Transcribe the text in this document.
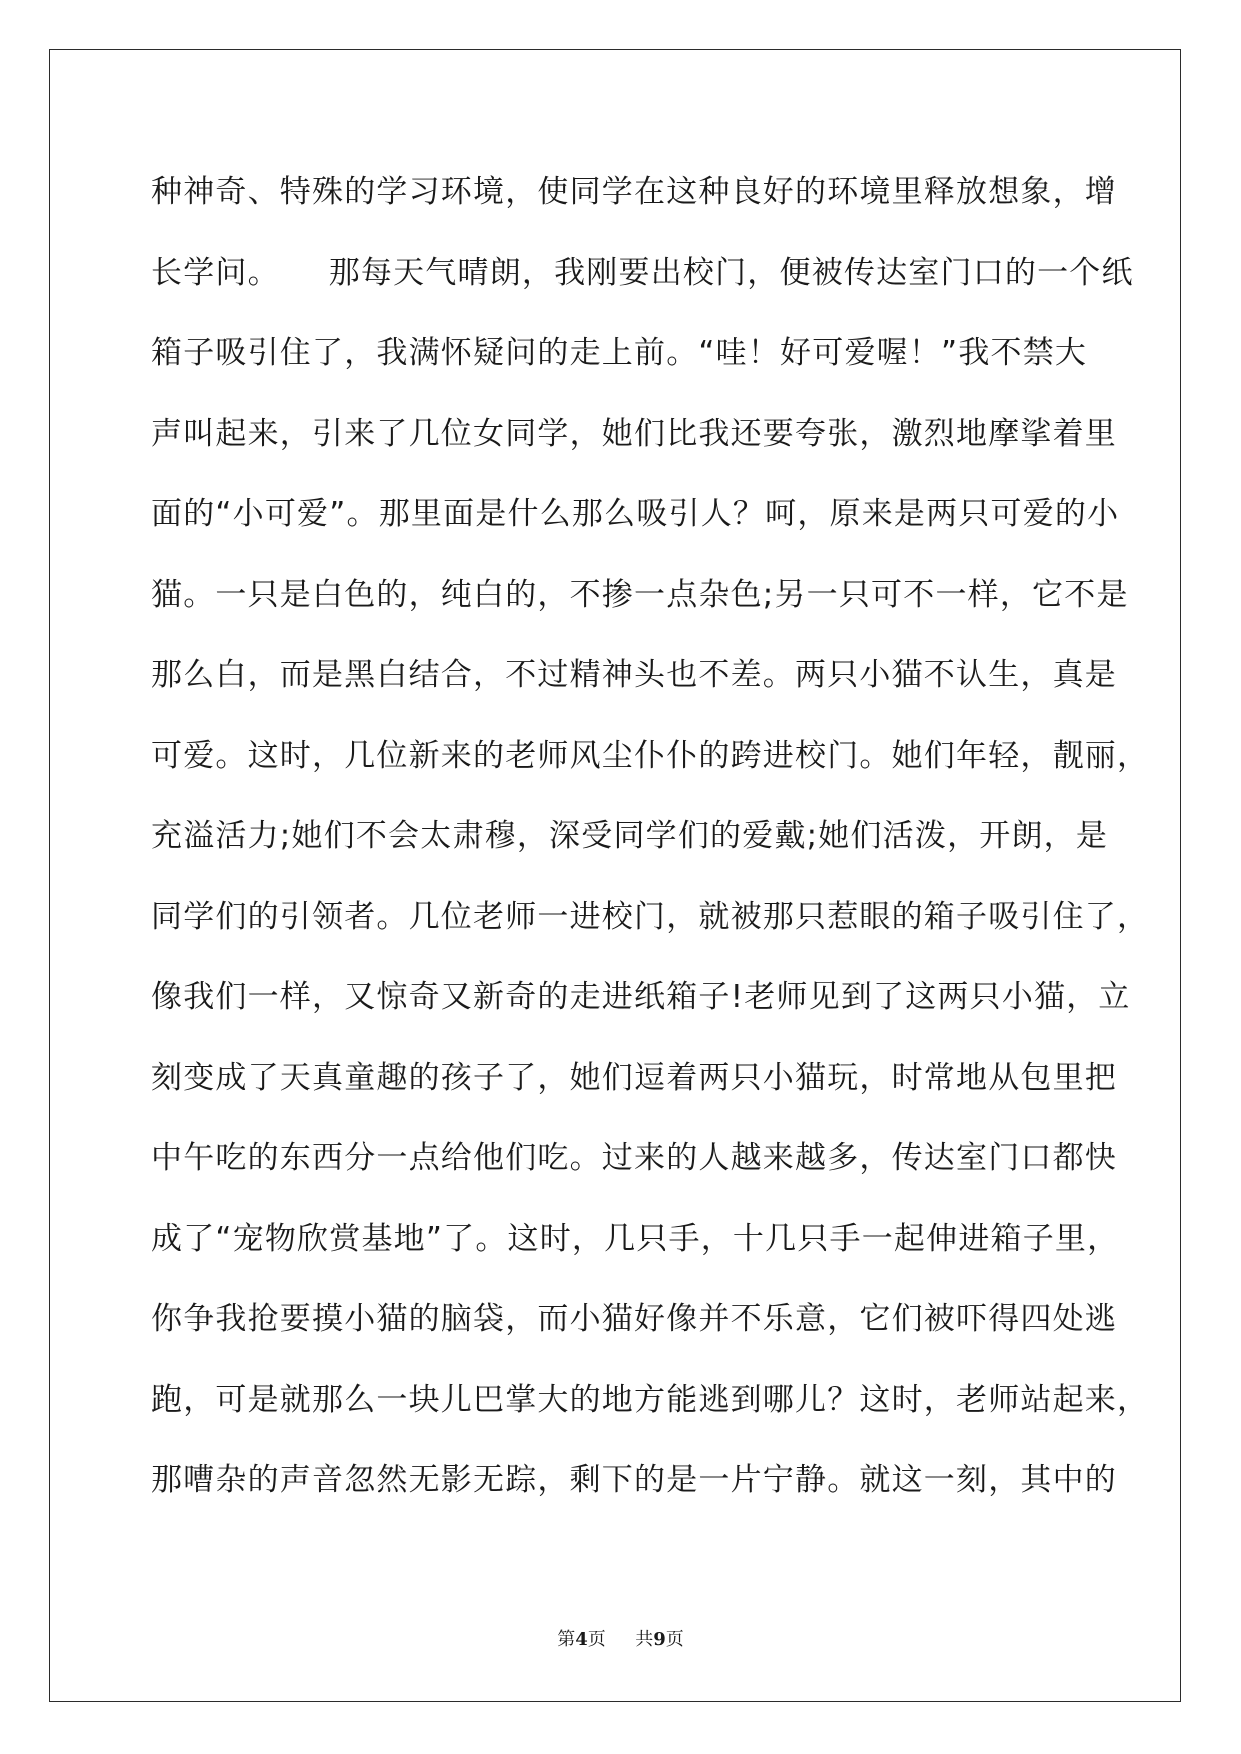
种神奇、特殊的学习环境，使同学在这种良好的环境里释放想象，增
长学问。　　那每天气晴朗，我刚要出校门，便被传达室门口的一个纸
箱子吸引住了，我满怀疑问的走上前。“哇！好可爱喔！”我不禁大
声叫起来，引来了几位女同学，她们比我还要夸张，激烈地摩挲着里
面的“小可爱”。那里面是什么那么吸引人？呵，原来是两只可爱的小
猫。一只是白色的，纯白的，不掺一点杂色;另一只可不一样，它不是
那么白，而是黑白结合，不过精神头也不差。两只小猫不认生，真是
可爱。这时，几位新来的老师风尘仆仆的跨进校门。她们年轻，靓丽，
充溢活力;她们不会太肃穆，深受同学们的爱戴;她们活泼，开朗，是
同学们的引领者。几位老师一进校门，就被那只惹眼的箱子吸引住了，
像我们一样，又惊奇又新奇的走进纸箱子!老师见到了这两只小猫，立
刻变成了天真童趣的孩子了，她们逗着两只小猫玩，时常地从包里把
中午吃的东西分一点给他们吃。过来的人越来越多，传达室门口都快
成了“宠物欣赏基地”了。这时，几只手，十几只手一起伸进箱子里，
你争我抢要摸小猫的脑袋，而小猫好像并不乐意，它们被吓得四处逃
跑，可是就那么一块儿巴掌大的地方能逃到哪儿？这时，老师站起来，
那嘈杂的声音忽然无影无踪，剩下的是一片宁静。就这一刻，其中的
第4页 共9页
